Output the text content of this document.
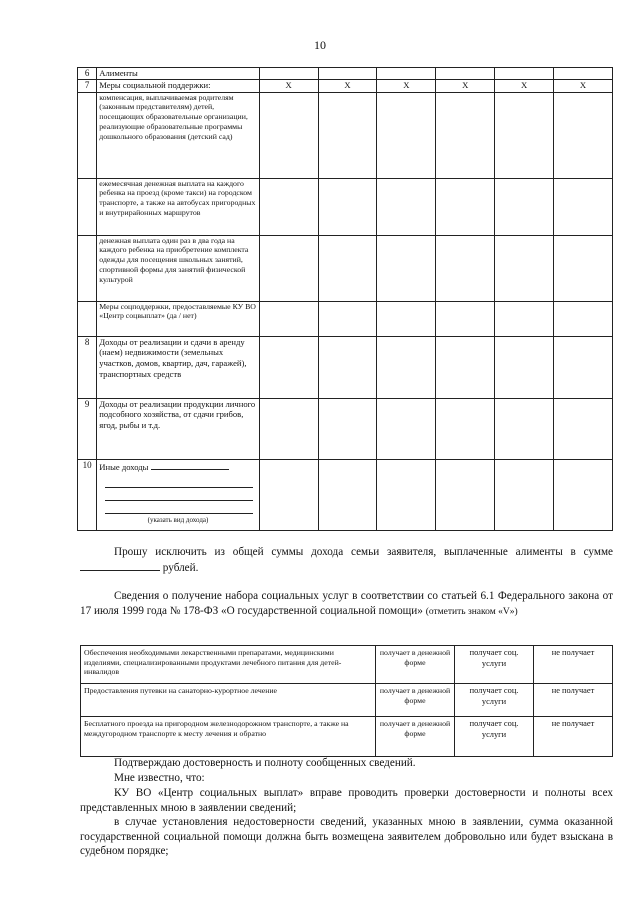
10
6	Алименты						
7	Меры социальной поддержки:	X	X	X	X	X	X

	компенсация, выплачиваемая родителям (законным представителям) детей, посещающих образовательные организации, реализующие образовательные программы дошкольного образования (детский сад)						
	ежемесячная денежная выплата на каждого ребенка на проезд (кроме такси) на городском транспорте, а также на автобусах пригородных и внутрирайонных маршрутов						
	денежная выплата один раз в два года на каждого ребенка на приобретение комплекта одежды для посещения школьных занятий, спортивной формы для занятий физической культурой						
	Меры соцподдержки, предоставляемые КУ ВО «Центр соцвыплат» (да / нет)						
8	Доходы от реализации и сдачи в аренду (наем) недвижимости (земельных участков, домов, квартир, дач, гаражей), транспортных средств						
9	Доходы от реализации продукции личного подсобного хозяйства, от сдачи грибов, ягод, рыбы и т.д.						
10	Иные доходы
(указать вид дохода)						

Прошу исключить из общей суммы дохода семьи заявителя, выплаченные алименты в сумме  рублей.
Сведения о получение набора социальных услуг в соответствии со статьей 6.1 Федерального закона от 17 июля 1999 года № 178-ФЗ «О государственной социальной помощи» (отметить знаком «V»)
Обеспечения необходимыми лекарственными препаратами, медицинскими изделиями, специализированными продуктами лечебного питания для детей-инвалидов	получает в денежной форме	получает соц. услуги	не получает
Предоставления путевки на санаторно-курортное лечение	получает в денежной форме	получает соц. услуги	не получает
Бесплатного проезда на пригородном железнодорожном транспорте, а также на междугородном транспорте к месту лечения и обратно	получает в денежной форме	получает соц. услуги	не получает
Подтверждаю достоверность и полноту сообщенных сведений.
Мне известно, что:
КУ ВО «Центр социальных выплат» вправе проводить проверки достоверности и полноты всех представленных мною в заявлении сведений;
в случае установления недостоверности сведений, указанных мною в заявлении, сумма оказанной государственной социальной помощи должна быть возмещена заявителем добровольно или будет взыскана в судебном порядке;
